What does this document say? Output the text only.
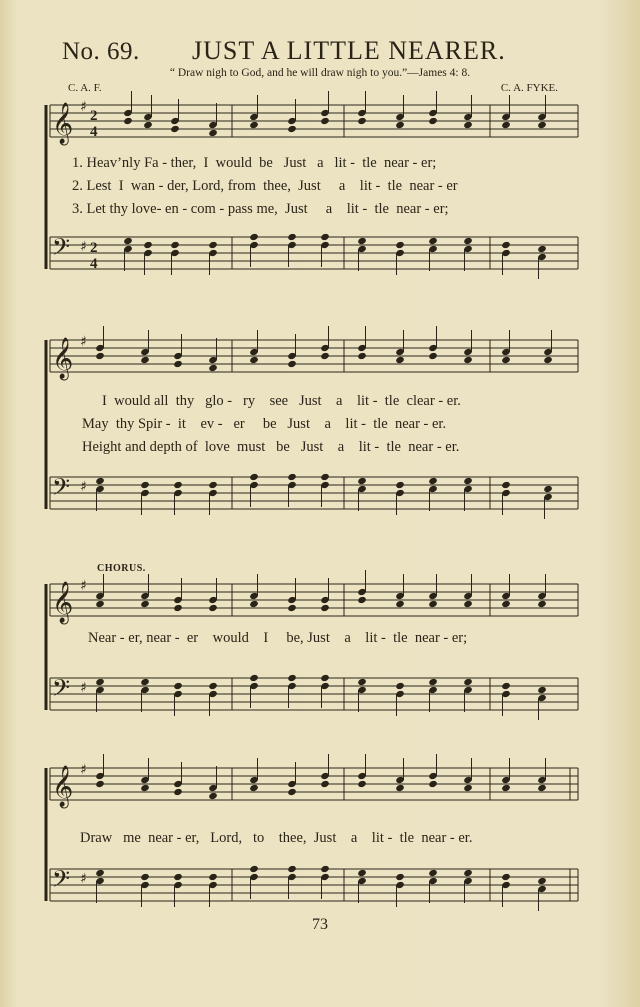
No. 69. JUST A LITTLE NEARER.
“ Draw nigh to God, and he will draw nigh to you.”—James 4: 8.
C. A. F.	C. A. FYKE.
CHORUS.
𝄞 ♯
2
4
𝄢 ♯ 2
4
𝄞 ♯
𝄢 ♯
𝄞 ♯
𝄢 ♯
𝄞 ♯
𝄢 ♯
1. Heav’nly Fa - ther, I would be Just a lit - tle near - er;
2. Lest I wan - der, Lord, from thee, Just a lit - tle near - er
3. Let thy love- en - com - pass me, Just a lit - tle near - er;
I would all thy glo - ry see Just a lit - tle clear - er.
May thy Spir - it ev - er be Just a lit - tle near - er.
Height and depth of love must be Just a lit - tle near - er.
Near - er, near - er would I be, Just a lit - tle near - er;
Draw me near - er, Lord, to thee, Just a lit - tle near - er.
73
